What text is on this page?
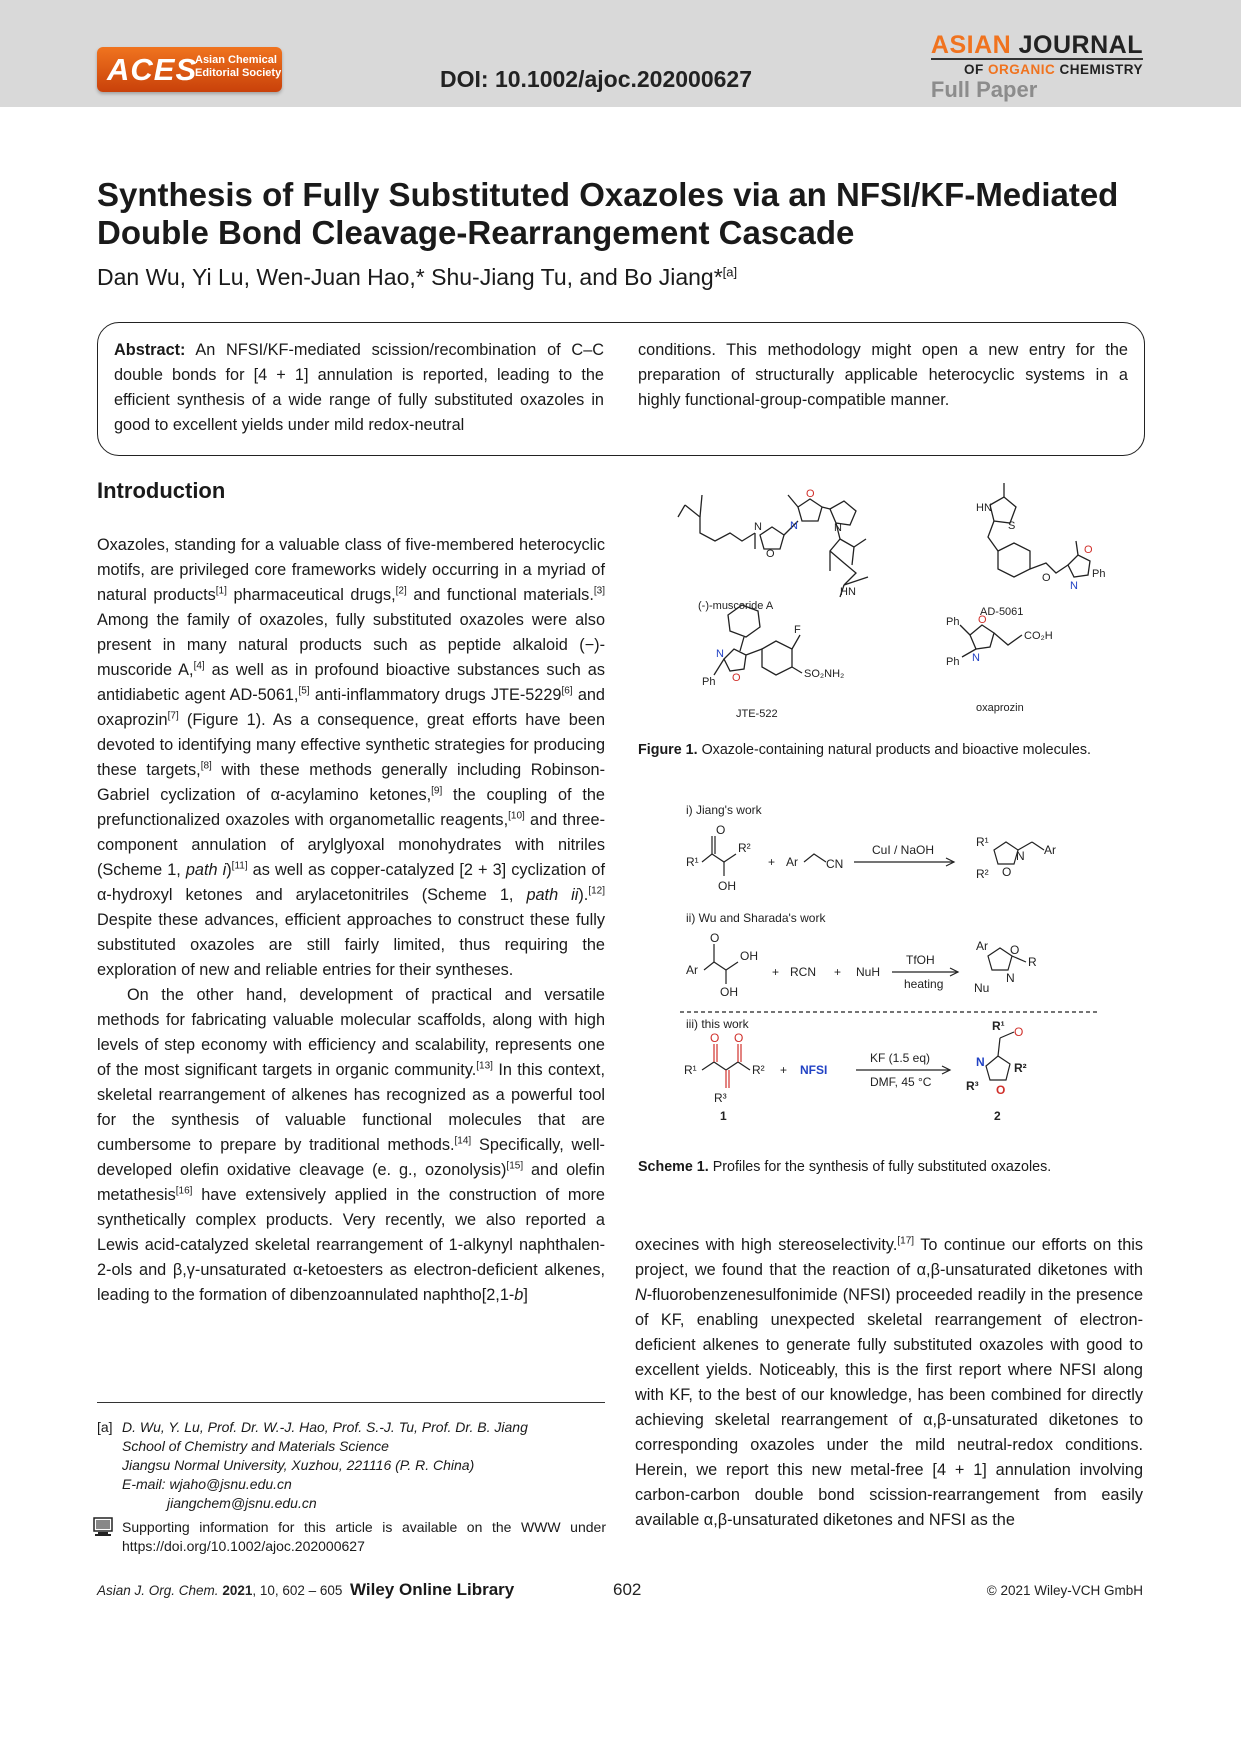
ACES
Asian Chemical
Editorial Society	DOI: 10.1002/ajoc.202000627
ASIAN JOURNAL
OF ORGANIC CHEMISTRY
Full Paper
Synthesis of Fully Substituted Oxazoles via an NFSI/KF-Mediated
Double Bond Cleavage-Rearrangement Cascade
Dan Wu, Yi Lu, Wen-Juan Hao,* Shu-Jiang Tu, and Bo Jiang*[a]
Abstract: An NFSI/KF-mediated scission/recombination of C–C double bonds for [4 + 1] annulation is reported, leading to the efficient synthesis of a wide range of fully substituted oxazoles in good to excellent yields under mild redox-neutral
conditions. This methodology might open a new entry for the preparation of structurally applicable heterocyclic systems in a highly functional-group-compatible manner.
Introduction

Oxazoles, standing for a valuable class of five-membered heterocyclic motifs, are privileged core frameworks widely occurring in a myriad of natural products[1] pharmaceutical drugs,[2] and functional materials.[3] Among the family of oxazoles, fully substituted oxazoles were also present in many natural products such as peptide alkaloid (−)-muscoride A,[4] as well as in profound bioactive substances such as antidiabetic agent AD-5061,[5] anti-inflammatory drugs JTE-5229[6] and oxaprozin[7] (Figure 1). As a consequence, great efforts have been devoted to identifying many effective synthetic strategies for producing these targets,[8] with these methods generally including Robinson-Gabriel cyclization of α-acylamino ketones,[9] the coupling of the prefunctionalized oxazoles with organometallic reagents,[10] and three-component annulation of arylglyoxal monohydrates with nitriles (Scheme 1, path i)[11] as well as copper-catalyzed [2 + 3] cyclization of α-hydroxyl ketones and arylacetonitriles (Scheme 1, path ii).[12] Despite these advances, efficient approaches to construct these fully substituted oxazoles are still fairly limited, thus requiring the exploration of new and reliable entries for their syntheses.

On the other hand, development of practical and versatile methods for fabricating valuable molecular scaffolds, along with high levels of step economy with efficiency and scalability, represents one of the most significant targets in organic community.[13] In this context, skeletal rearrangement of alkenes has recognized as a powerful tool for the synthesis of valuable functional molecules that are cumbersome to prepare by traditional methods.[14] Specifically, well-developed olefin oxidative cleavage (e. g., ozonolysis)[15] and olefin metathesis[16] have extensively applied in the construction of more synthetically complex products. Very recently, we also reported a Lewis acid-catalyzed skeletal rearrangement of 1-alkynyl naphthalen-2-ols and β,γ-unsaturated α-ketoesters as electron-deficient alkenes, leading to the formation of dibenzoannulated naphtho[2,1-b]

N
O
O
N	N
HN
HN
S
O
O
N
Ph
F
SO₂NH₂
N
O
Ph
O
N
Ph
Ph
CO₂H
(-)-muscoride A	AD-5061
JTE-522	oxaprozin
Figure 1. Oxazole-containing natural products and bioactive molecules.
i) Jiang's work
ii) Wu and Sharada's work
iii) this work
O
R¹
R²
OH
+ Ar CN
CuI / NaOH
R¹
R²
N
O
Ar
O
Ar
OH
OH
+ RCN + NuH
TfOH
heating
Ar
Nu
O
N
R
O O
R¹	R²
R³
1
+ NFSI
KF (1.5 eq)
DMF, 45 °C
R¹ O
N
R³ O
R²
2
Scheme 1. Profiles for the synthesis of fully substituted oxazoles.

oxecines with high stereoselectivity.[17] To continue our efforts on this project, we found that the reaction of α,β-unsaturated diketones with N-fluorobenzenesulfonimide (NFSI) proceeded readily in the presence of KF, enabling unexpected skeletal rearrangement of electron-deficient alkenes to generate fully substituted oxazoles with good to excellent yields. Noticeably, this is the first report where NFSI along with KF, to the best of our knowledge, has been combined for directly achieving skeletal rearrangement of α,β-unsaturated diketones to corresponding oxazoles under the mild neutral-redox conditions. Herein, we report this new metal-free [4 + 1] annulation involving carbon-carbon double bond scission-rearrangement from easily available α,β-unsaturated diketones and NFSI as the

[a] D. Wu, Y. Lu, Prof. Dr. W.-J. Hao, Prof. S.-J. Tu, Prof. Dr. B. Jiang
School of Chemistry and Materials Science
Jiangsu Normal University, Xuzhou, 221116 (P. R. China)
E-mail: wjaho@jsnu.edu.cn
jiangchem@jsnu.edu.cn
Supporting information for this article is available on the WWW under https://doi.org/10.1002/ajoc.202000627
Asian J. Org. Chem. 2021, 10, 602 – 605 Wiley Online Library	602	© 2021 Wiley-VCH GmbH
